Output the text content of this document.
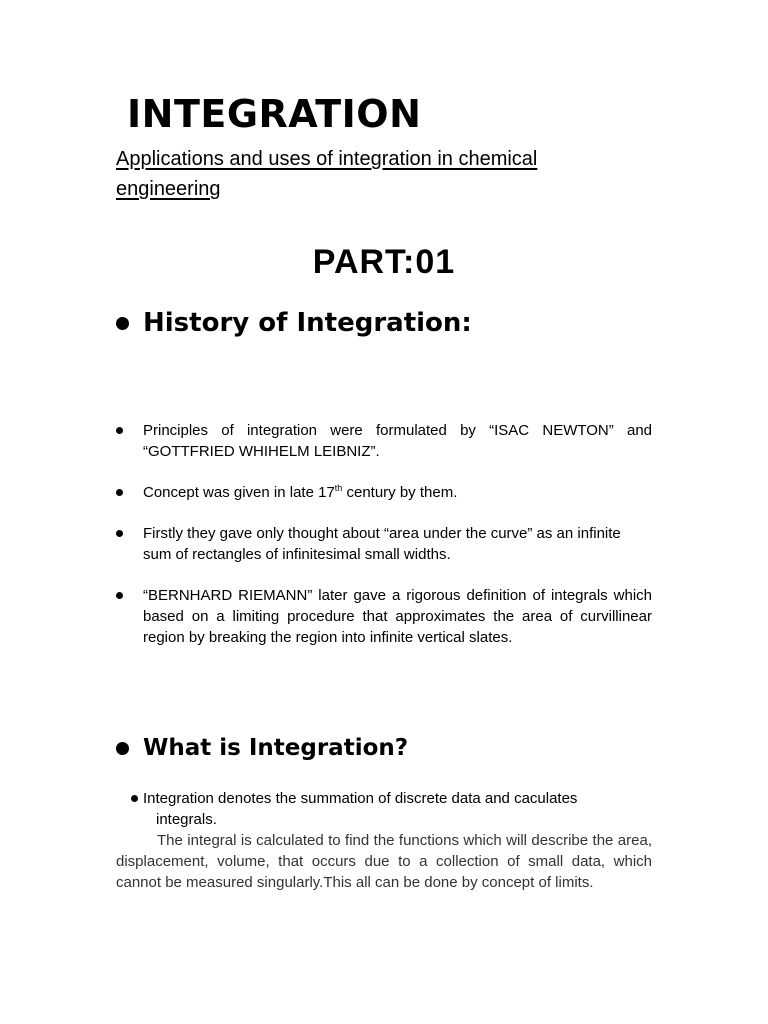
INTEGRATION
Applications and uses of integration in chemical engineering
PART:01
History of Integration:
Principles of integration were formulated by “ISAC NEWTON” and “GOTTFRIED WHIHELM LEIBNIZ”.
Concept was given in late 17th century by them.
Firstly they gave only thought about “area under the curve” as an infinite sum of rectangles of infinitesimal small widths.
“BERNHARD RIEMANN” later gave a rigorous definition of integrals which based on a limiting procedure that approximates the area of curvillinear region by breaking the region into infinite vertical slates.
What is Integration?
Integration denotes the summation of discrete data and caculates
integrals.

The integral is calculated to find the functions which will describe the area, displacement, volume, that occurs due to a collection of small data, which cannot be measured singularly.This all can be done by concept of limits.
